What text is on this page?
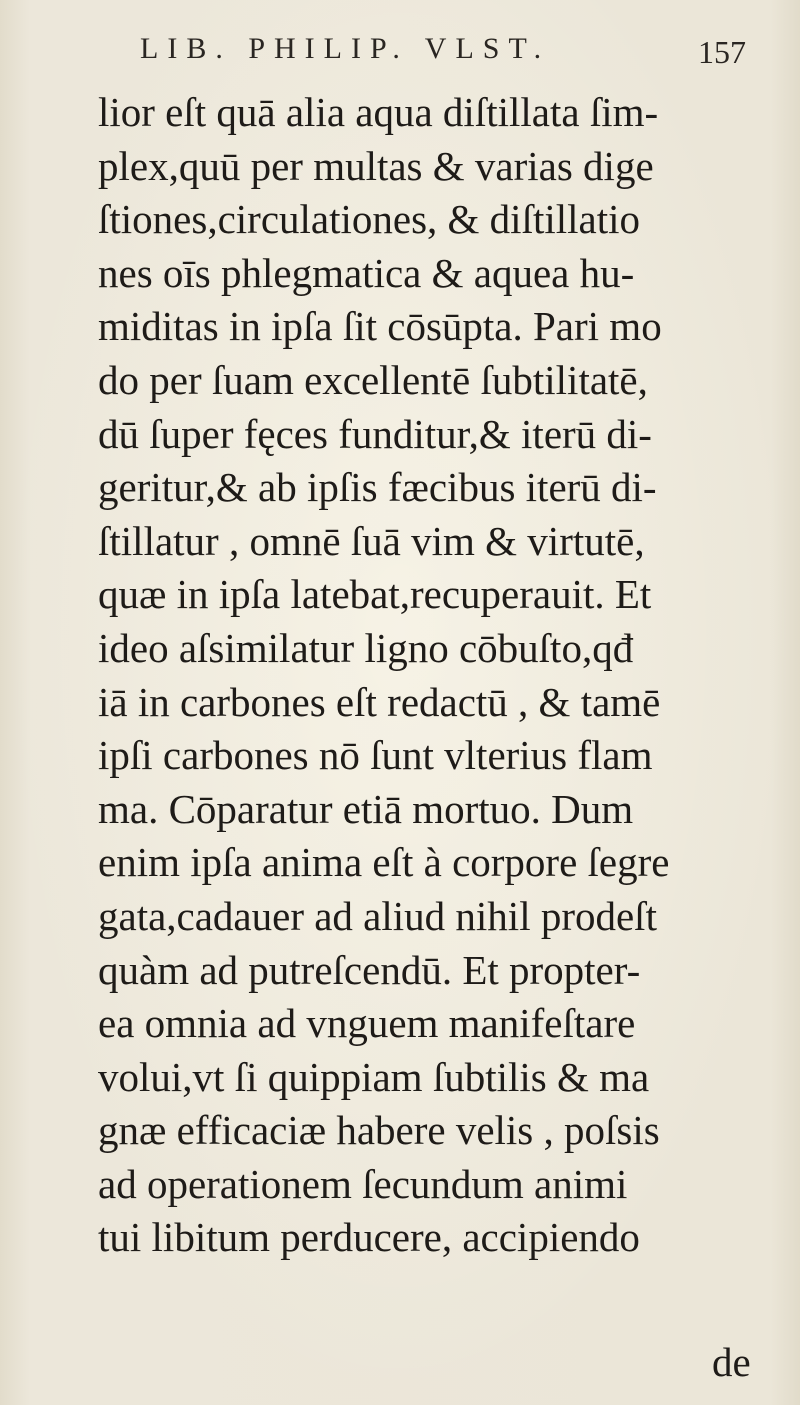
LIB. PHILIP. VLST.	157
lior eſt quā alia aqua diſtillata ſim-
plex,quū per multas & varias dige
ſtiones,circulationes, & diſtillatio
nes oīs phlegmatica & aquea hu-
miditas in ipſa ſit cōsūpta. Pari mo
do per ſuam excellentē ſubtilitatē,
dū ſuper fęces funditur,& iterū di-
geritur,& ab ipſis fæcibus iterū di-
ſtillatur , omnē ſuā vim & virtutē,
quæ in ipſa latebat,recuperauit. Et
ideo aſsimilatur ligno cōbuſto,qđ
iā in carbones eſt redactū , & tamē
ipſi carbones nō ſunt vlterius flam
ma. Cōparatur etiā mortuo. Dum
enim ipſa anima eſt à corpore ſegre
gata,cadauer ad aliud nihil prodeſt
quàm ad putreſcendū. Et propter-
ea omnia ad vnguem manifeſtare
volui,vt ſi quippiam ſubtilis & ma
gnæ efficaciæ habere velis , poſsis
ad operationem ſecundum animi
tui libitum perducere, accipiendo
de
